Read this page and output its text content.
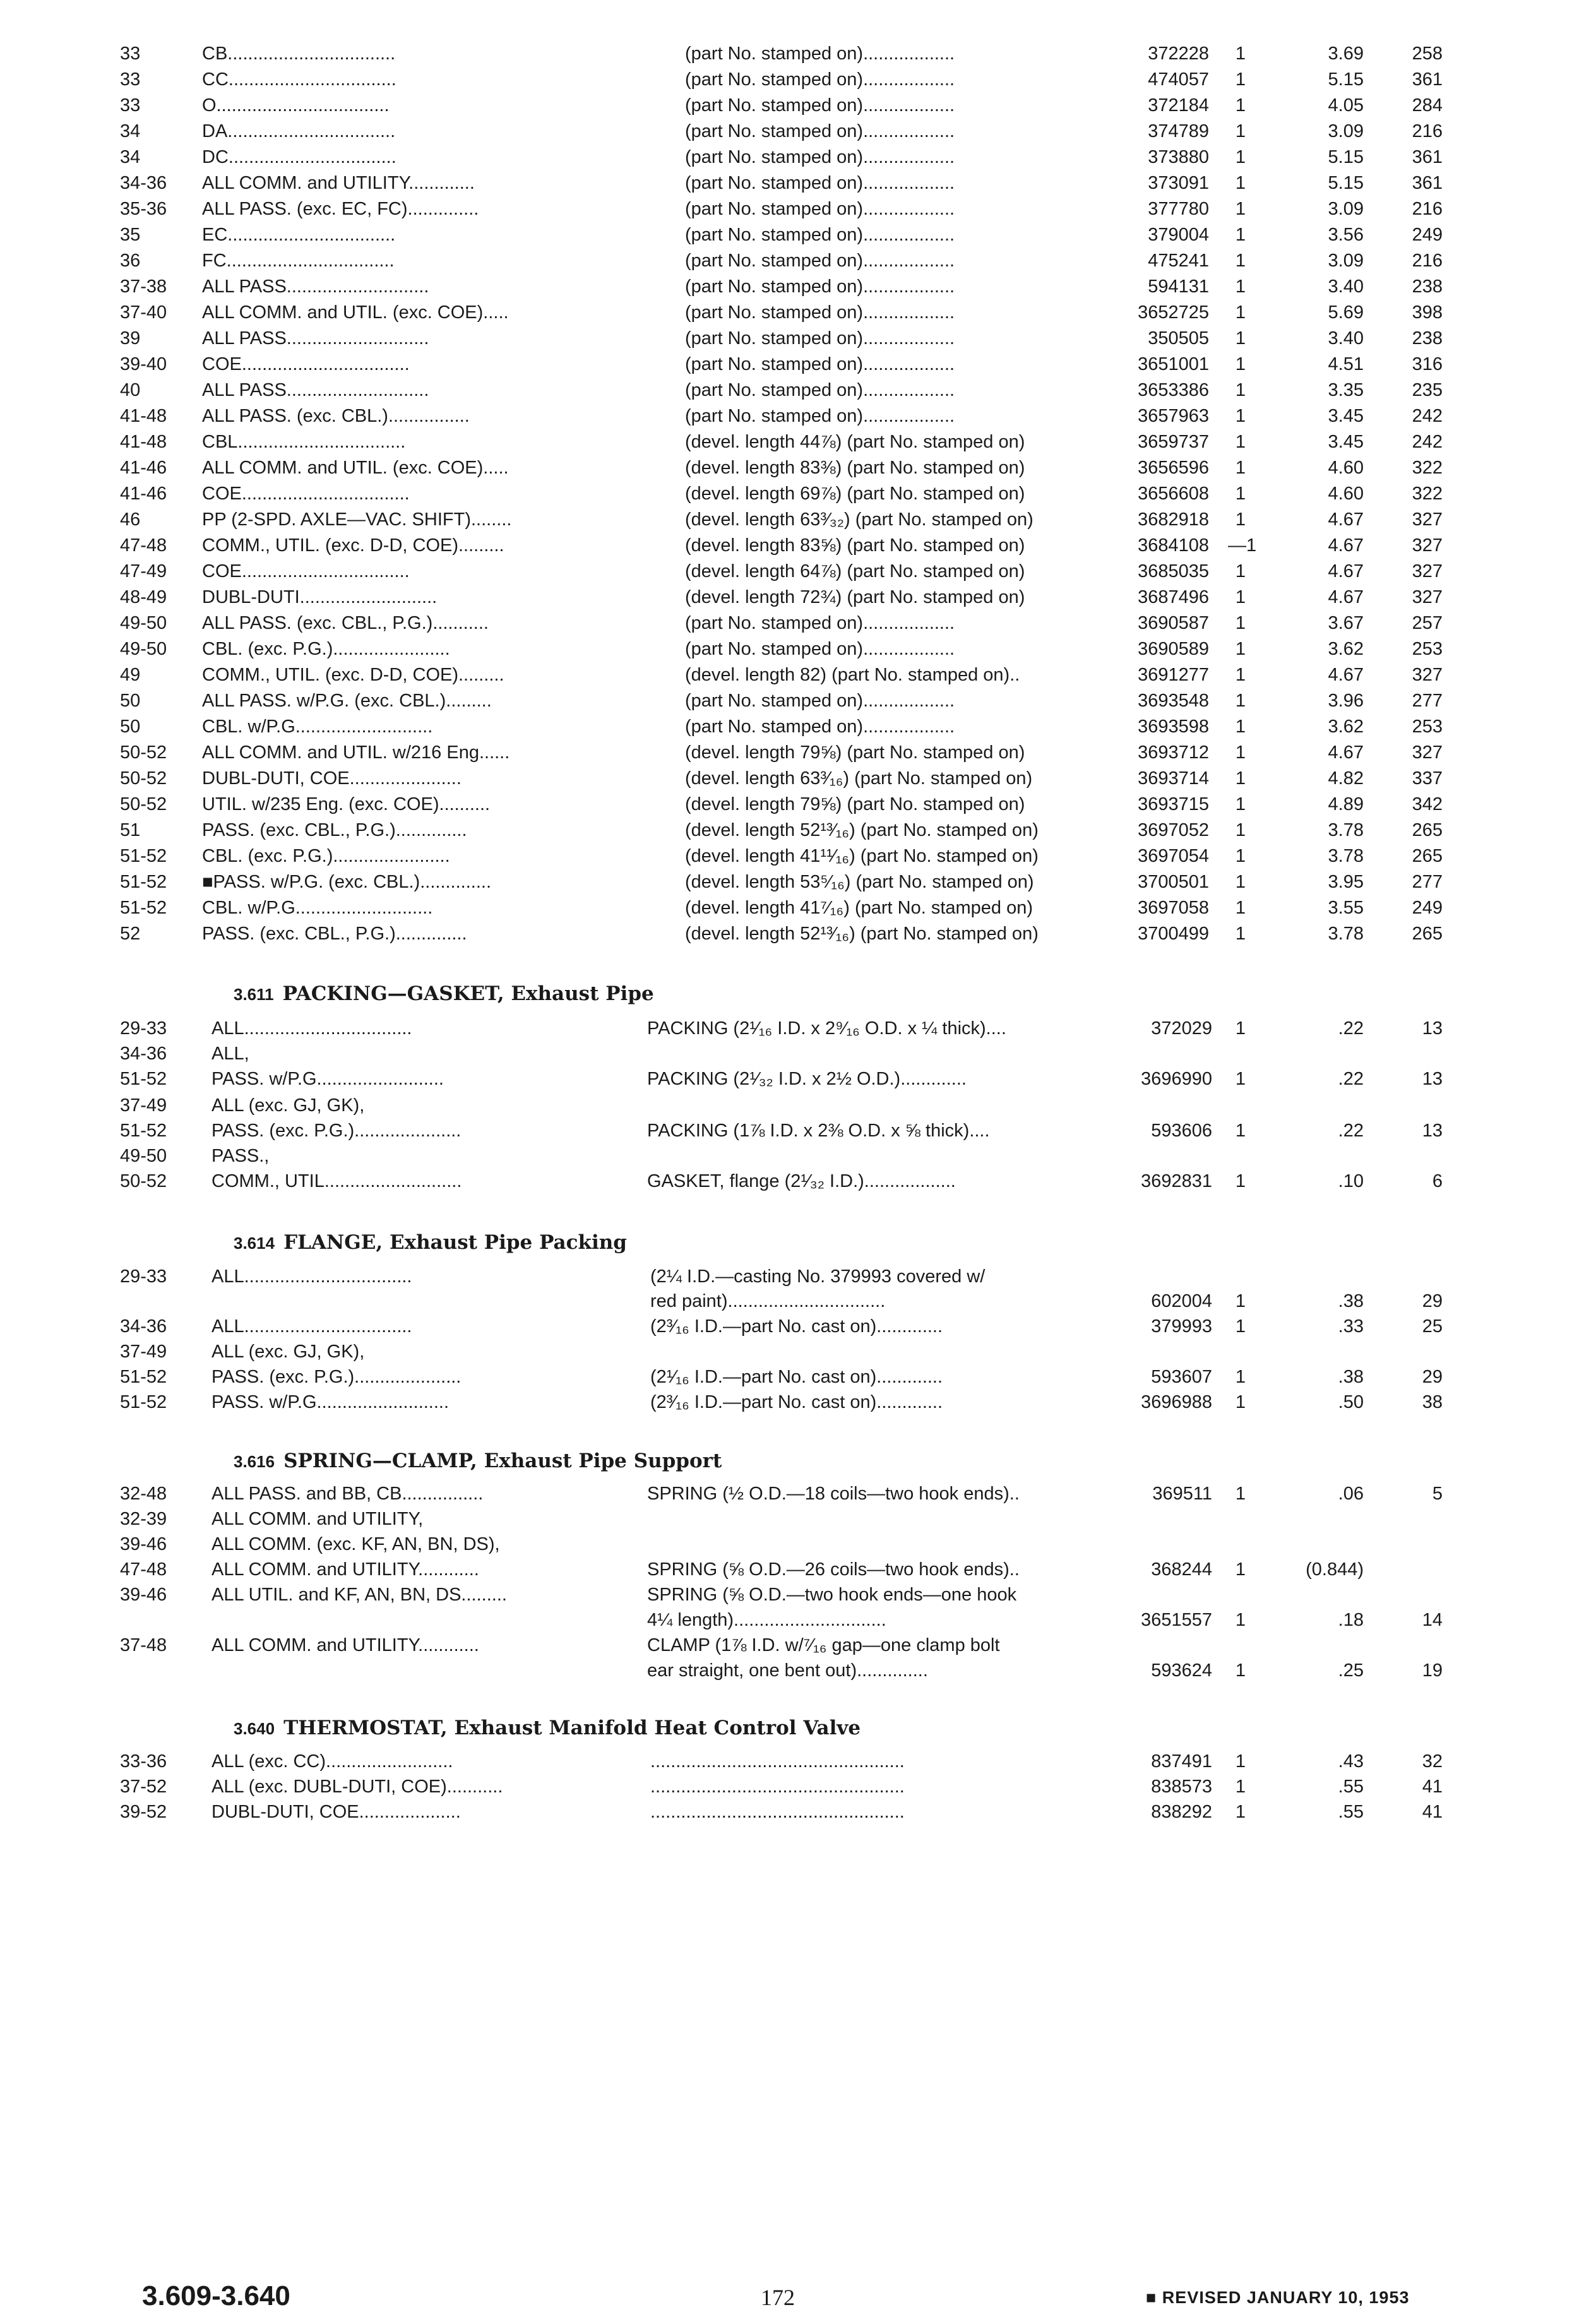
33	CB.................................	(part No. stamped on)..................	372228	1	3.69	258
33	CC.................................	(part No. stamped on)..................	474057	1	5.15	361
33	O..................................	(part No. stamped on)..................	372184	1	4.05	284
34	DA.................................	(part No. stamped on)..................	374789	1	3.09	216
34	DC.................................	(part No. stamped on)..................	373880	1	5.15	361
34-36	ALL COMM. and UTILITY.............	(part No. stamped on)..................	373091	1	5.15	361
35-36	ALL PASS. (exc. EC, FC)..............	(part No. stamped on)..................	377780	1	3.09	216
35	EC.................................	(part No. stamped on)..................	379004	1	3.56	249
36	FC.................................	(part No. stamped on)..................	475241	1	3.09	216
37-38	ALL PASS............................	(part No. stamped on)..................	594131	1	3.40	238
37-40	ALL COMM. and UTIL. (exc. COE).....	(part No. stamped on)..................	3652725	1	5.69	398
39	ALL PASS............................	(part No. stamped on)..................	350505	1	3.40	238
39-40	COE.................................	(part No. stamped on)..................	3651001	1	4.51	316
40	ALL PASS............................	(part No. stamped on)..................	3653386	1	3.35	235
41-48	ALL PASS. (exc. CBL.)................	(part No. stamped on)..................	3657963	1	3.45	242
41-48	CBL.................................	(devel. length 44⅞) (part No. stamped on)	3659737	1	3.45	242
41-46	ALL COMM. and UTIL. (exc. COE).....	(devel. length 83⅜) (part No. stamped on)	3656596	1	4.60	322
41-46	COE.................................	(devel. length 69⅞) (part No. stamped on)	3656608	1	4.60	322
46	PP (2-SPD. AXLE—VAC. SHIFT)........	(devel. length 63³⁄₃₂) (part No. stamped on)	3682918	1	4.67	327
47-48	COMM., UTIL. (exc. D-D, COE).........	(devel. length 83⅝) (part No. stamped on)	3684108 —1	4.67	327
47-49	COE.................................	(devel. length 64⅞) (part No. stamped on)	3685035	1	4.67	327
48-49	DUBL-DUTI...........................	(devel. length 72¾) (part No. stamped on)	3687496	1	4.67	327
49-50	ALL PASS. (exc. CBL., P.G.)...........	(part No. stamped on)..................	3690587	1	3.67	257
49-50	CBL. (exc. P.G.).......................	(part No. stamped on)..................	3690589	1	3.62	253
49	COMM., UTIL. (exc. D-D, COE).........	(devel. length 82) (part No. stamped on)..	3691277	1	4.67	327
50	ALL PASS. w/P.G. (exc. CBL.).........	(part No. stamped on)..................	3693548	1	3.96	277
50	CBL. w/P.G...........................	(part No. stamped on)..................	3693598	1	3.62	253
50-52	ALL COMM. and UTIL. w/216 Eng......	(devel. length 79⅝) (part No. stamped on)	3693712	1	4.67	327
50-52	DUBL-DUTI, COE......................	(devel. length 63³⁄₁₆) (part No. stamped on)	3693714	1	4.82	337
50-52	UTIL. w/235 Eng. (exc. COE)..........	(devel. length 79⅝) (part No. stamped on)	3693715	1	4.89	342
51	PASS. (exc. CBL., P.G.)..............	(devel. length 52¹³⁄₁₆) (part No. stamped on)	3697052	1	3.78	265
51-52	CBL. (exc. P.G.).......................	(devel. length 41¹¹⁄₁₆) (part No. stamped on)	3697054	1	3.78	265
51-52	■PASS. w/P.G. (exc. CBL.)..............	(devel. length 53⁵⁄₁₆) (part No. stamped on)	3700501	1	3.95	277
51-52	CBL. w/P.G...........................	(devel. length 41⁷⁄₁₆) (part No. stamped on)	3697058	1	3.55	249
52	PASS. (exc. CBL., P.G.)..............	(devel. length 52¹³⁄₁₆) (part No. stamped on)	3700499	1	3.78	265
3.611 PACKING—GASKET, Exhaust Pipe
29-33	ALL.................................	PACKING (2¹⁄₁₆ I.D. x 2⁹⁄₁₆ O.D. x ¼ thick)....	372029	1	.22	13
34-36	ALL,
51-52	PASS. w/P.G.........................	PACKING (2¹⁄₃₂ I.D. x 2½ O.D.).............	3696990	1	.22	13
37-49	ALL (exc. GJ, GK),
51-52	PASS. (exc. P.G.).....................	PACKING (1⅞ I.D. x 2⅜ O.D. x ⅝ thick)....	593606	1	.22	13
49-50	PASS.,
50-52	COMM., UTIL...........................	GASKET, flange (2¹⁄₃₂ I.D.)..................	3692831	1	.10	6
3.614 FLANGE, Exhaust Pipe Packing
29-33	ALL.................................	(2¼ I.D.—casting No. 379993 covered w/
red paint)...............................	602004	1	.38	29
34-36	ALL.................................	(2³⁄₁₆ I.D.—part No. cast on).............	379993	1	.33	25
37-49	ALL (exc. GJ, GK),
51-52	PASS. (exc. P.G.).....................	(2¹⁄₁₆ I.D.—part No. cast on).............	593607	1	.38	29
51-52	PASS. w/P.G..........................	(2³⁄₁₆ I.D.—part No. cast on).............	3696988	1	.50	38
3.616 SPRING—CLAMP, Exhaust Pipe Support
32-48	ALL PASS. and BB, CB................	SPRING (½ O.D.—18 coils—two hook ends)..	369511	1	.06	5
32-39	ALL COMM. and UTILITY,
39-46	ALL COMM. (exc. KF, AN, BN, DS),
47-48	ALL COMM. and UTILITY............	SPRING (⅝ O.D.—26 coils—two hook ends)..	368244	1	(0.844)
39-46	ALL UTIL. and KF, AN, BN, DS.........	SPRING (⅝ O.D.—two hook ends—one hook
4¼ length)..............................	3651557	1	.18	14
37-48	ALL COMM. and UTILITY............	CLAMP (1⅞ I.D. w/⁷⁄₁₆ gap—one clamp bolt
ear straight, one bent out)..............	593624	1	.25	19
3.640 THERMOSTAT, Exhaust Manifold Heat Control Valve
33-36	ALL (exc. CC).........................	..................................................	837491	1	.43	32
37-52	ALL (exc. DUBL-DUTI, COE)...........	..................................................	838573	1	.55	41
39-52	DUBL-DUTI, COE....................	..................................................	838292	1	.55	41
3.609-3.640	172	■ REVISED JANUARY 10, 1953
